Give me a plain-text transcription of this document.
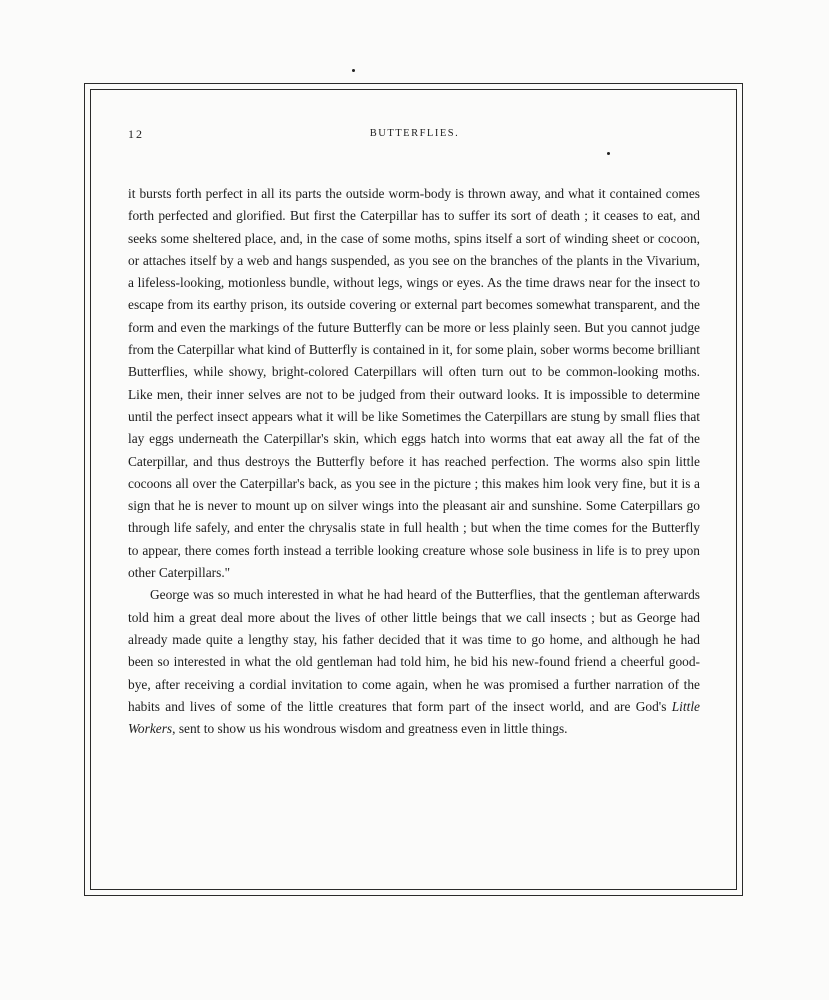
12	BUTTERFLIES.

it bursts forth perfect in all its parts the outside worm-body is thrown away, and what it contained comes forth perfected and glorified. But first the Caterpillar has to suffer its sort of death ; it ceases to eat, and seeks some sheltered place, and, in the case of some moths, spins itself a sort of winding sheet or cocoon, or attaches itself by a web and hangs suspended, as you see on the branches of the plants in the Vivarium, a lifeless-looking, motionless bundle, without legs, wings or eyes. As the time draws near for the insect to escape from its earthy prison, its outside covering or external part becomes somewhat transparent, and the form and even the markings of the future Butterfly can be more or less plainly seen. But you cannot judge from the Caterpillar what kind of Butterfly is contained in it, for some plain, sober worms become brilliant Butterflies, while showy, bright-colored Caterpillars will often turn out to be common-looking moths. Like men, their inner selves are not to be judged from their outward looks. It is impossible to determine until the perfect insect appears what it will be like Sometimes the Caterpillars are stung by small flies that lay eggs underneath the Caterpillar's skin, which eggs hatch into worms that eat away all the fat of the Caterpillar, and thus destroys the Butterfly before it has reached perfection. The worms also spin little cocoons all over the Caterpillar's back, as you see in the picture ; this makes him look very fine, but it is a sign that he is never to mount up on silver wings into the pleasant air and sunshine. Some Caterpillars go through life safely, and enter the chrysalis state in full health ; but when the time comes for the Butterfly to appear, there comes forth instead a terrible looking creature whose sole business in life is to prey upon other Caterpillars."

George was so much interested in what he had heard of the Butterflies, that the gentleman afterwards told him a great deal more about the lives of other little beings that we call insects ; but as George had already made quite a lengthy stay, his father decided that it was time to go home, and although he had been so interested in what the old gentleman had told him, he bid his new-found friend a cheerful good-bye, after receiving a cordial invitation to come again, when he was promised a further narration of the habits and lives of some of the little creatures that form part of the insect world, and are God's Little Workers, sent to show us his wondrous wisdom and greatness even in little things.
